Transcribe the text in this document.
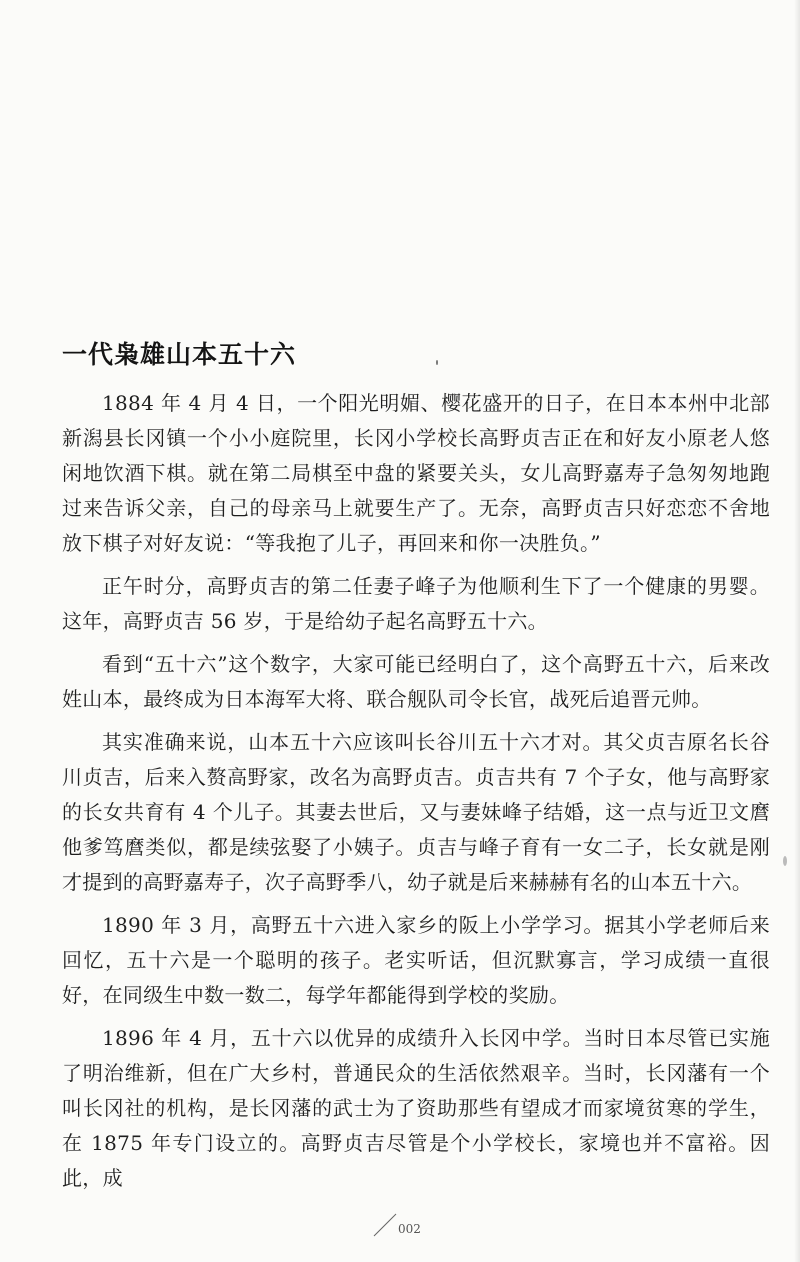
一代枭雄山本五十六

1884 年 4 月 4 日，一个阳光明媚、樱花盛开的日子，在日本本州中北部新潟县长冈镇一个小小庭院里，长冈小学校长高野贞吉正在和好友小原老人悠闲地饮酒下棋。就在第二局棋至中盘的紧要关头，女儿高野嘉寿子急匆匆地跑过来告诉父亲，自己的母亲马上就要生产了。无奈，高野贞吉只好恋恋不舍地放下棋子对好友说：“等我抱了儿子，再回来和你一决胜负。”

正午时分，高野贞吉的第二任妻子峰子为他顺利生下了一个健康的男婴。这年，高野贞吉 56 岁，于是给幼子起名高野五十六。

看到“五十六”这个数字，大家可能已经明白了，这个高野五十六，后来改姓山本，最终成为日本海军大将、联合舰队司令长官，战死后追晋元帅。

其实准确来说，山本五十六应该叫长谷川五十六才对。其父贞吉原名长谷川贞吉，后来入赘高野家，改名为高野贞吉。贞吉共有 7 个子女，他与高野家的长女共育有 4 个儿子。其妻去世后，又与妻妹峰子结婚，这一点与近卫文麿他爹笃麿类似，都是续弦娶了小姨子。贞吉与峰子育有一女二子，长女就是刚才提到的高野嘉寿子，次子高野季八，幼子就是后来赫赫有名的山本五十六。

1890 年 3 月，高野五十六进入家乡的阪上小学学习。据其小学老师后来回忆，五十六是一个聪明的孩子。老实听话，但沉默寡言，学习成绩一直很好，在同级生中数一数二，每学年都能得到学校的奖励。

1896 年 4 月，五十六以优异的成绩升入长冈中学。当时日本尽管已实施了明治维新，但在广大乡村，普通民众的生活依然艰辛。当时，长冈藩有一个叫长冈社的机构，是长冈藩的武士为了资助那些有望成才而家境贫寒的学生，在 1875 年专门设立的。高野贞吉尽管是个小学校长，家境也并不富裕。因此，成

002
